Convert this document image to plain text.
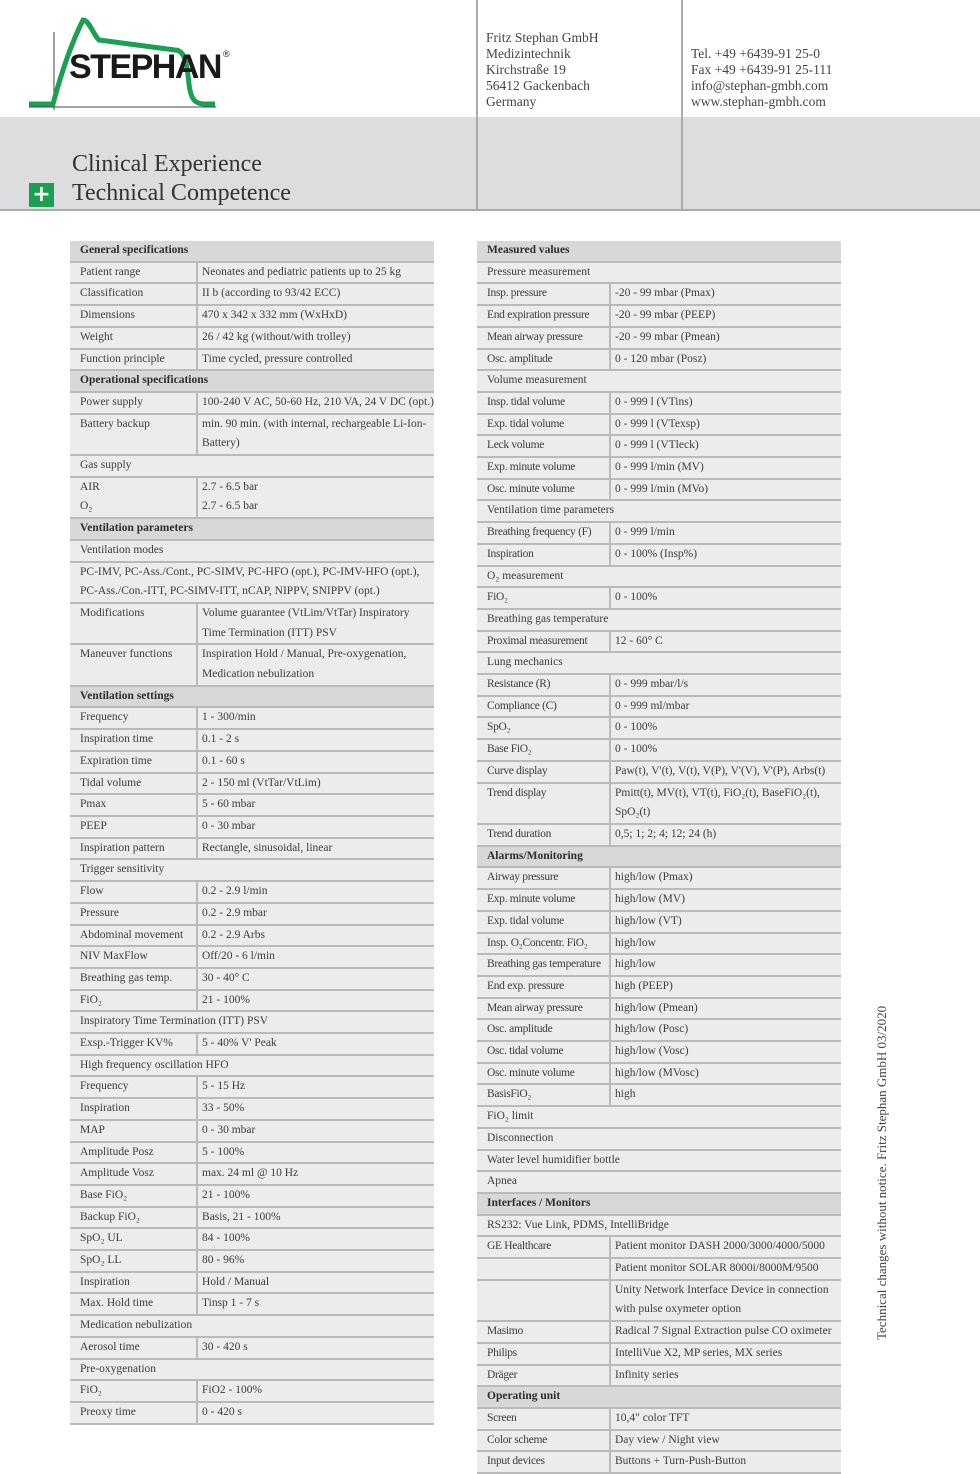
STEPHAN ®
Clinical Experience
Technical Competence
+
Fritz Stephan GmbH
Medizintechnik
Kirchstraße 19
56412 Gackenbach
Germany
Tel. +49 +6439-91 25-0
Fax +49 +6439-91 25-111
info@stephan-gmbh.com
www.stephan-gmbh.com
General specifications
Patient range	Neonates and pediatric patients up to 25 kg
Classification	II b (according to 93/42 ECC)
Dimensions	470 x 342 x 332 mm (WxHxD)
Weight	26 / 42 kg (without/with trolley)
Function principle	Time cycled, pressure controlled
Operational specifications
Power supply	100-240 V AC, 50-60 Hz, 210 VA, 24 V DC (opt.)
Battery backup	min. 90 min. (with internal, rechargeable Li-Ion-Battery)
Gas supply
AIR	2.7 - 6.5 bar
O₂	2.7 - 6.5 bar
Ventilation parameters
Ventilation modes
PC-IMV, PC-Ass./Cont., PC-SIMV, PC-HFO (opt.), PC-IMV-HFO (opt.), PC-Ass./Con.-ITT, PC-SIMV-ITT, nCAP, NIPPV, SNIPPV (opt.)
Modifications	Volume guarantee (VtLim/VtTar) Inspiratory Time Termination (ITT) PSV
Maneuver functions	Inspiration Hold / Manual, Pre-oxygenation, Medication nebulization
Ventilation settings
Frequency	1 - 300/min
Inspiration time	0.1 - 2 s
Expiration time	0.1 - 60 s
Tidal volume	2 - 150 ml (VtTar/VtLim)
Pmax	5 - 60 mbar
PEEP	0 - 30 mbar
Inspiration pattern	Rectangle, sinusoidal, linear
Trigger sensitivity
Flow	0.2 - 2.9 l/min
Pressure	0.2 - 2.9 mbar
Abdominal movement	0.2 - 2.9 Arbs
NIV MaxFlow	Off/20 - 6 l/min
Breathing gas temp.	30 - 40° C
FiO₂	21 - 100%
Inspiratory Time Termination (ITT) PSV
Exsp.-Trigger KV%	5 - 40% V' Peak
High frequency oscillation HFO
Frequency	5 - 15 Hz
Inspiration	33 - 50%
MAP	0 - 30 mbar
Amplitude Posz	5 - 100%
Amplitude Vosz	max. 24 ml @ 10 Hz
Base FiO₂	21 - 100%
Backup FiO₂	Basis, 21 - 100%
SpO₂ UL	84 - 100%
SpO₂ LL	80 - 96%
Inspiration	Hold / Manual
Max. Hold time	Tinsp 1 - 7 s
Medication nebulization
Aerosol time	30 - 420 s
Pre-oxygenation
FiO₂	FiO2 - 100%
Preoxy time	0 - 420 s
Measured values
Pressure measurement
Insp. pressure	-20 - 99 mbar (Pmax)
End expiration pressure	-20 - 99 mbar (PEEP)
Mean airway pressure	-20 - 99 mbar (Pmean)
Osc. amplitude	0 - 120 mbar (Posz)
Volume measurement
Insp. tidal volume	0 - 999 l (VTins)
Exp. tidal volume	0 - 999 l (VTexsp)
Leck volume	0 - 999 l (VTleck)
Exp. minute volume	0 - 999 l/min (MV)
Osc. minute volume	0 - 999 l/min (MVo)
Ventilation time parameters
Breathing frequency (F)	0 - 999 l/min
Inspiration	0 - 100% (Insp%)
O₂ measurement
FiO₂	0 - 100%
Breathing gas temperature
Proximal measurement	12 - 60° C
Lung mechanics
Resistance (R)	0 - 999 mbar/l/s
Compliance (C)	0 - 999 ml/mbar
SpO₂	0 - 100%
Base FiO₂	0 - 100%
Curve display	Paw(t), V'(t), V(t), V(P), V'(V), V'(P), Arbs(t)
Trend display	Pmitt(t), MV(t), VT(t), FiO₂(t), BaseFiO₂(t), SpO₂(t)
Trend duration	0,5; 1; 2; 4; 12; 24 (h)
Alarms/Monitoring
Airway pressure	high/low (Pmax)
Exp. minute volume	high/low (MV)
Exp. tidal volume	high/low (VT)
Insp. O₂Concentr. FiO₂	high/low
Breathing gas temperature	high/low
End exp. pressure	high (PEEP)
Mean airway pressure	high/low (Pmean)
Osc. amplitude	high/low (Posc)
Osc. tidal volume	high/low (Vosc)
Osc. minute volume	high/low (MVosc)
BasisFiO₂	high
FiO₂ limit
Disconnection
Water level humidifier bottle
Apnea
Interfaces / Monitors
RS232: Vue Link, PDMS, IntelliBridge
GE Healthcare	Patient monitor DASH 2000/3000/4000/5000
Patient monitor SOLAR 8000i/8000M/9500
Unity Network Interface Device in connection with pulse oxymeter option
Masimo	Radical 7 Signal Extraction pulse CO oximeter
Philips	IntelliVue X2, MP series, MX series
Dräger	Infinity series
Operating unit
Screen	10,4" color TFT
Color scheme	Day view / Night view
Input devices	Buttons + Turn-Push-Button
Technical changes without notice. Fritz Stephan GmbH 03/2020
